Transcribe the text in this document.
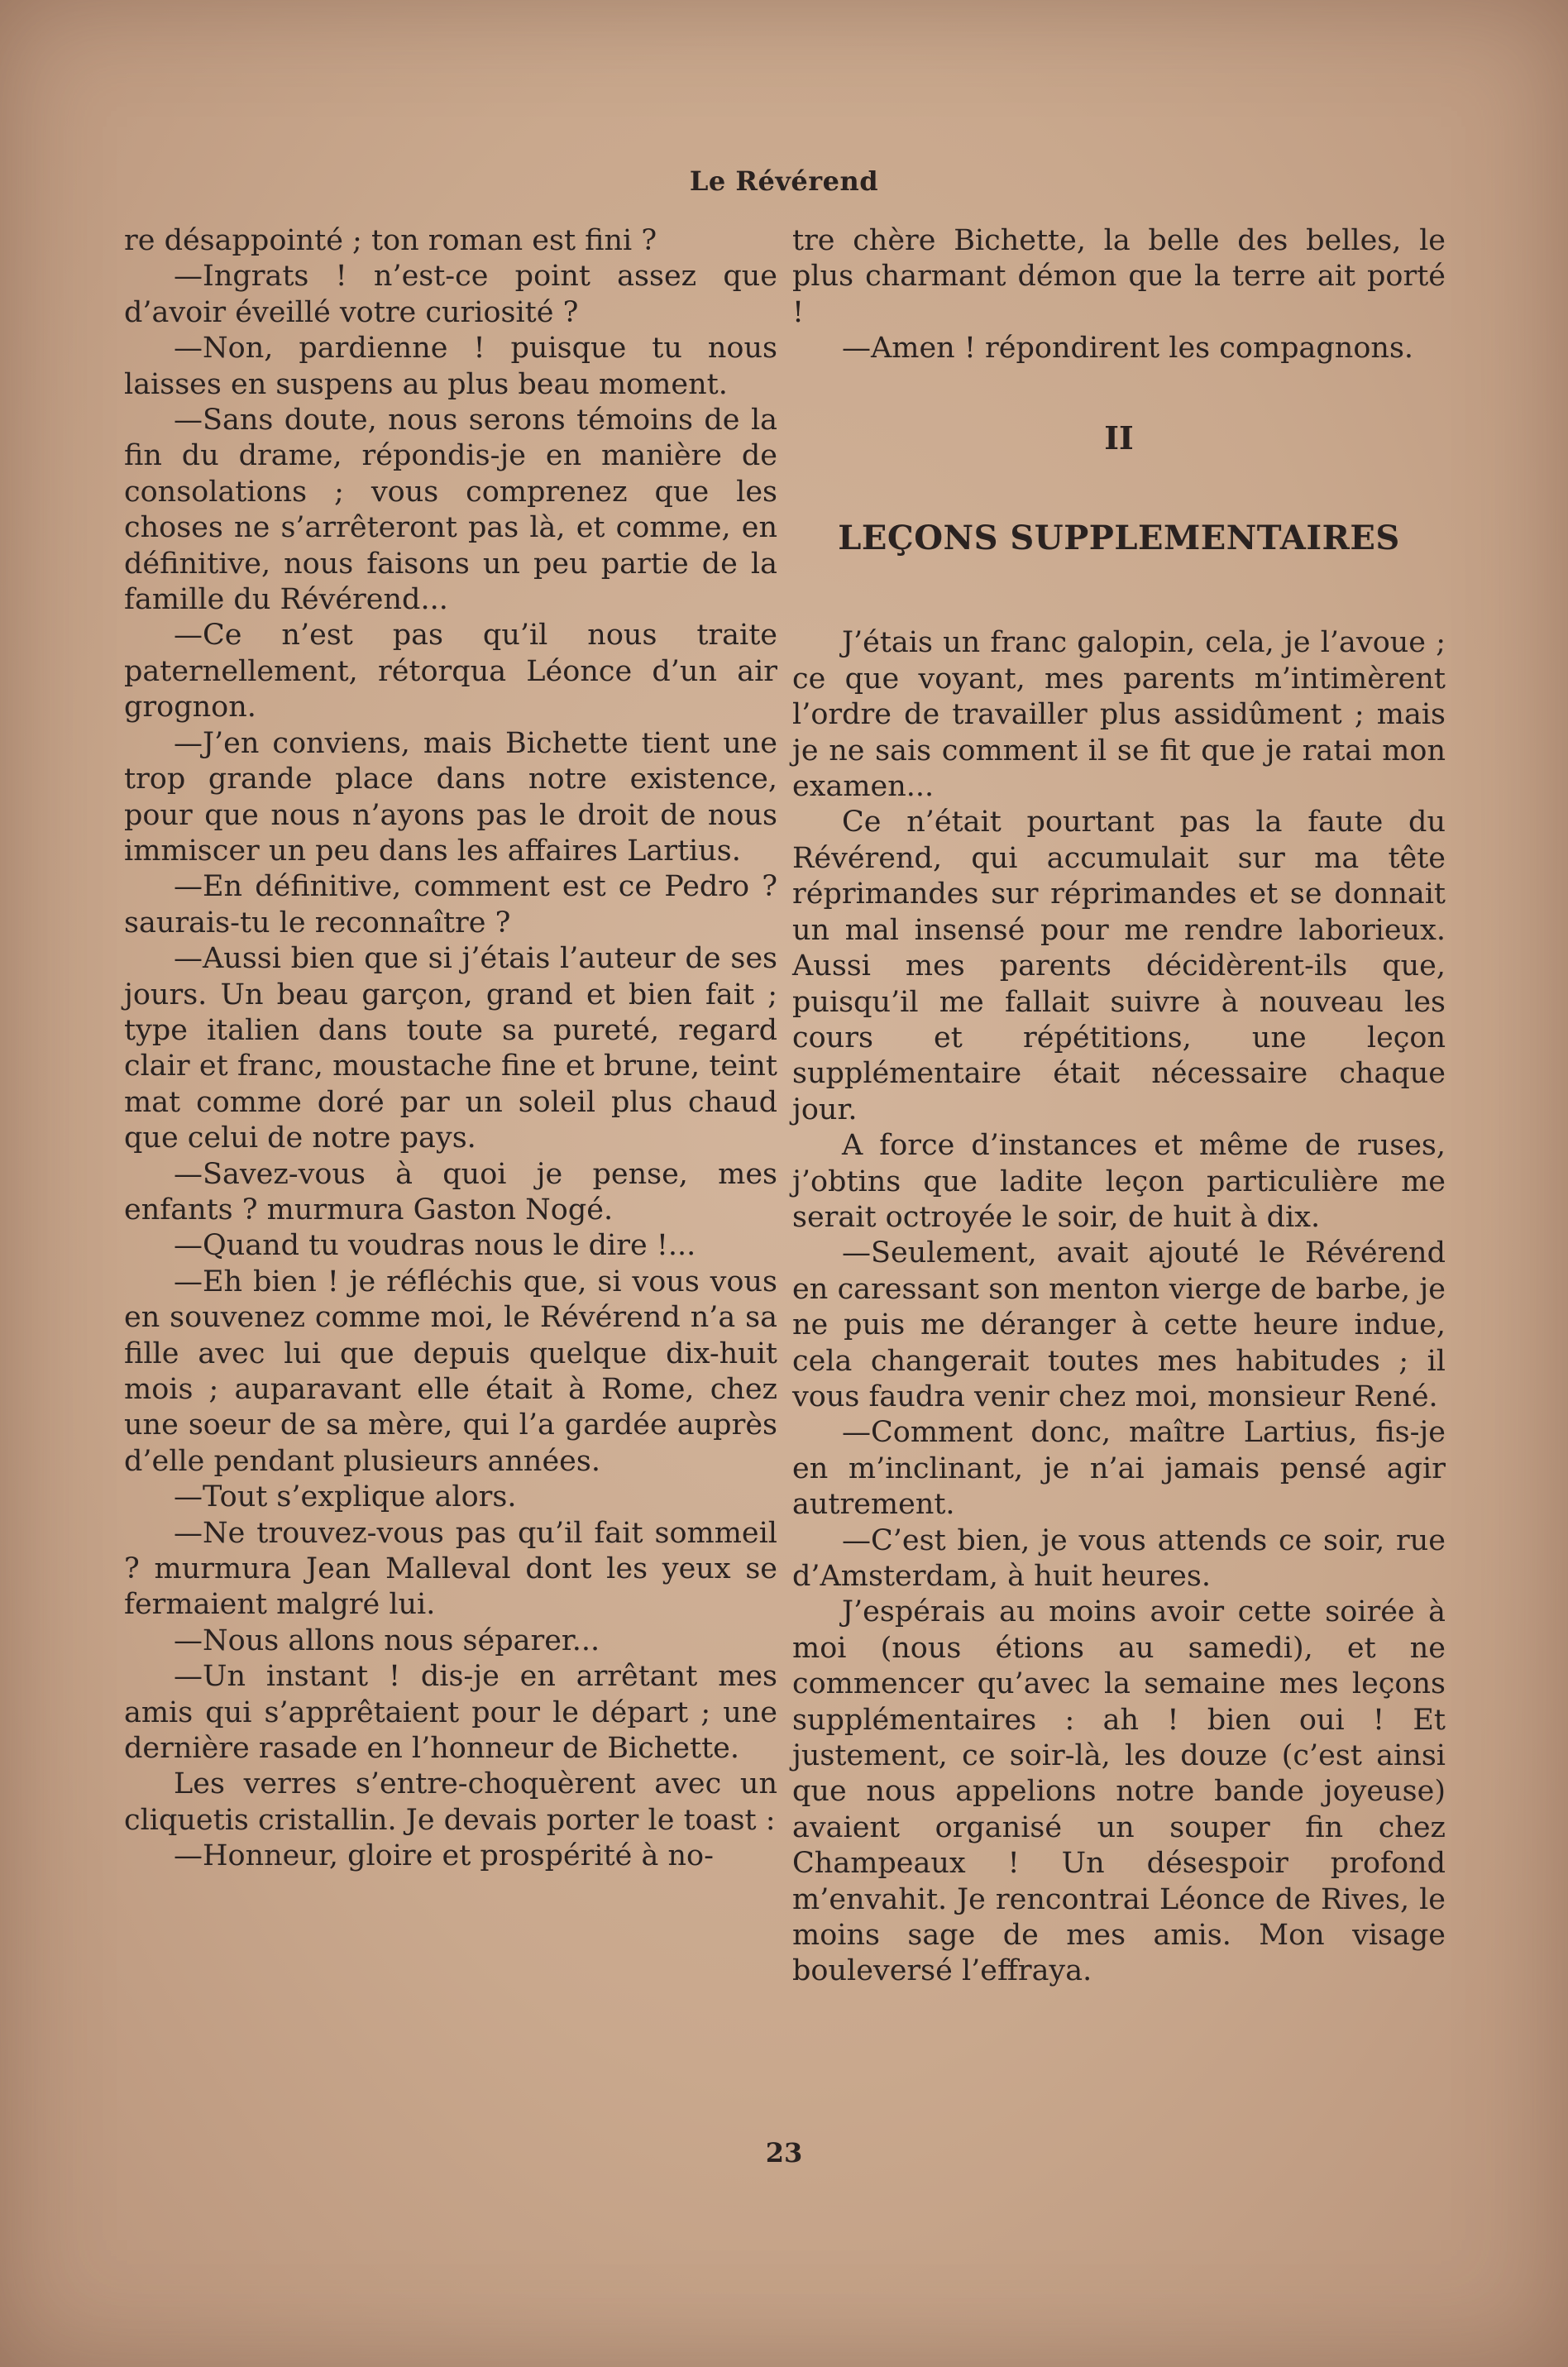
Le Révérend

re désappointé ; ton roman est fini ?

—Ingrats ! n’est-ce point assez que d’avoir éveillé votre curiosité ?

—Non, pardienne ! puisque tu nous laisses en suspens au plus beau moment.

—Sans doute, nous serons témoins de la fin du drame, répondis-je en manière de consolations ; vous comprenez que les choses ne s’arrêteront pas là, et comme, en définitive, nous faisons un peu partie de la famille du Révérend...

—Ce n’est pas qu’il nous traite paternellement, rétorqua Léonce d’un air grognon.

—J’en conviens, mais Bichette tient une trop grande place dans notre existence, pour que nous n’ayons pas le droit de nous immiscer un peu dans les affaires Lartius.

—En définitive, comment est ce Pedro ? saurais-tu le reconnaître ?

—Aussi bien que si j’étais l’auteur de ses jours. Un beau garçon, grand et bien fait ; type italien dans toute sa pureté, regard clair et franc, moustache fine et brune, teint mat comme doré par un soleil plus chaud que celui de notre pays.

—Savez-vous à quoi je pense, mes enfants ? murmura Gaston Nogé.

—Quand tu voudras nous le dire !...

—Eh bien ! je réfléchis que, si vous vous en souvenez comme moi, le Révérend n’a sa fille avec lui que depuis quelque dix-huit mois ; auparavant elle était à Rome, chez une soeur de sa mère, qui l’a gardée auprès d’elle pendant plusieurs années.

—Tout s’explique alors.

—Ne trouvez-vous pas qu’il fait sommeil ? murmura Jean Malleval dont les yeux se fermaient malgré lui.

—Nous allons nous séparer...

—Un instant ! dis-je en arrêtant mes amis qui s’apprêtaient pour le départ ; une dernière rasade en l’honneur de Bichette.

Les verres s’entre-choquèrent avec un cliquetis cristallin. Je devais porter le toast :

—Honneur, gloire et prospérité à no-

tre chère Bichette, la belle des belles, le plus charmant démon que la terre ait porté !

—Amen ! répondirent les compagnons.

II
LEÇONS SUPPLEMENTAIRES

J’étais un franc galopin, cela, je l’avoue ; ce que voyant, mes parents m’intimèrent l’ordre de travailler plus assidûment ; mais je ne sais comment il se fit que je ratai mon examen...

Ce n’était pourtant pas la faute du Révérend, qui accumulait sur ma tête réprimandes sur réprimandes et se donnait un mal insensé pour me rendre laborieux. Aussi mes parents décidèrent-ils que, puisqu’il me fallait suivre à nouveau les cours et répétitions, une leçon supplémentaire était nécessaire chaque jour.

A force d’instances et même de ruses, j’obtins que ladite leçon particulière me serait octroyée le soir, de huit à dix.

—Seulement, avait ajouté le Révérend en caressant son menton vierge de barbe, je ne puis me déranger à cette heure indue, cela changerait toutes mes habitudes ; il vous faudra venir chez moi, monsieur René.

—Comment donc, maître Lartius, fis-je en m’inclinant, je n’ai jamais pensé agir autrement.

—C’est bien, je vous attends ce soir, rue d’Amsterdam, à huit heures.

J’espérais au moins avoir cette soirée à moi (nous étions au samedi), et ne commencer qu’avec la semaine mes leçons supplémentaires : ah ! bien oui ! Et justement, ce soir-là, les douze (c’est ainsi que nous appelions notre bande joyeuse) avaient organisé un souper fin chez Champeaux ! Un désespoir profond m’envahit. Je rencontrai Léonce de Rives, le moins sage de mes amis. Mon visage bouleversé l’effraya.

23
